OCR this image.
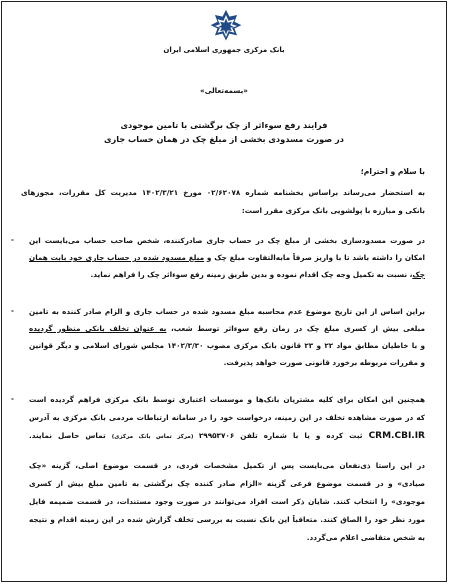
بانک مرکزی جمهوری اسلامی ایران
«بسمه‌تعالی»
فرایند رفع سوءاثر از چک برگشتی با تامین موجودی
در صورت مسدودی بخشی از مبلغ چک در همان حساب جاری
با سلام و احترام؛
به استحضار می‌رساند براساس بخشنامه شماره ۰۲/۶۲۰۷۸ مورخ ۱۴۰۲/۳/۲۱ مدیریت کل مقررات، مجوزهای
بانکی و مبارزه با پولشویی بانک مرکزی مقرر است:
- در صورت مسدودسازی بخشی از مبلغ چک در حساب جاری صادرکننده، شخص صاحب حساب می‌بایست این
امکان را داشته باشد تا با واریز صرفاً مابه‌التفاوت مبلغ چک و مبلغ مسدود شده در حساب جاری خود بابت همان
چک، نسبت به تکمیل وجه چک اقدام نموده و بدین طریق زمینه رفع سوءاثر چک را فراهم نماید.
- براین اساس از این تاریخ موضوع عدم محاسبه مبلغ مسدود شده در حساب جاری و الزام صادر کننده به تامین
مبلغی بیش از کسری مبلغ چک در زمان رفع سوءاثر توسط شعب، به عنوان تخلف بانکی منظور گردیده
و با خاطیان مطابق مواد ۲۲ و ۲۳ قانون بانک مرکزی مصوب ۱۴۰۲/۳/۳۰ مجلس شورای اسلامی و دیگر قوانین
و مقررات مربوطه برخورد قانونی صورت خواهد پذیرفت.
- همچنین این امکان برای کلیه مشتریان بانک‌ها و موسسات اعتباری توسط بانک مرکزی فراهم گردیده است
که در صورت مشاهده تخلف در این زمینه، درخواست خود را در سامانه ارتباطات مردمی بانک مرکزی به آدرس
CRM.CBI.IR ثبت کرده و یا با شماره تلفن ۲۹۹۵۳۷۰۶ (مرکز تماس بانک مرکزی) تماس حاصل نمایند.
در این راستا ذی‌نفعان می‌بایست پس از تکمیل مشخصات فردی، در قسمت موضوع اصلی، گزینه «چک
صیادی» و در قسمت موضوع فرعی گزینه «الزام صادر کننده چک برگشتی به تامین مبلغ بیش از کسری
موجودی» را انتخاب کنند. شایان ذکر است افراد می‌توانند در صورت وجود مستندات، در قسمت ضمیمه فایل
مورد نظر خود را الصاق کنند. متعاقباً این بانک نسبت به بررسی تخلف گزارش شده در این زمینه اقدام و نتیجه
به شخص متقاضی اعلام می‌گردد.
